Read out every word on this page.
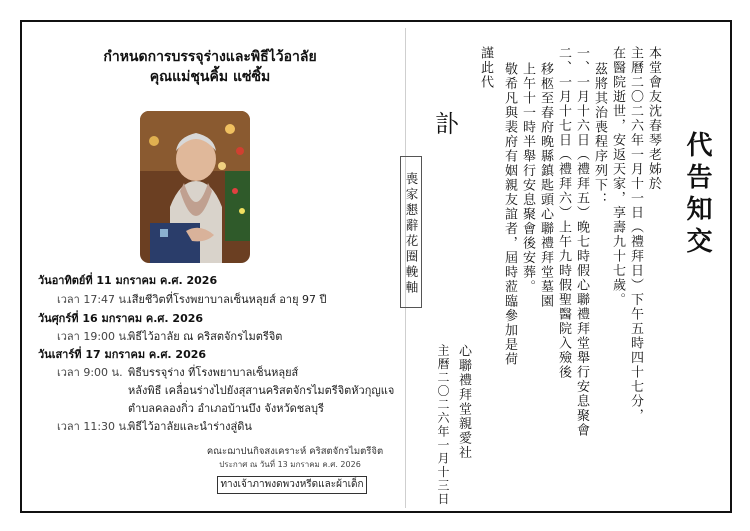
กำหนดการบรรจุร่างและพิธีไว้อาลัย
คุณแม่ชุนคิ้ม แซ่ซิ้ม
วันอาทิตย์ที่ 11 มกราคม ค.ศ. 2026
เวลา 17:47 น.
เสียชีวิตที่โรงพยาบาลเซ็นหลุยส์ อายุ 97 ปี
วันศุกร์ที่ 16 มกราคม ค.ศ. 2026
เวลา 19:00 น.
พิธีไว้อาลัย ณ คริสตจักรไมตรีจิต
วันเสาร์ที่ 17 มกราคม ค.ศ. 2026
เวลา 9:00 น. พิธีบรรจุร่าง ที่โรงพยาบาลเซ็นหลุยส์
หลังพิธี เคลื่อนร่างไปยังสุสานคริสตจักรไมตรีจิตหัวกุญแจ
ตำบลคลองกิ่ว อำเภอบ้านบึง จังหวัดชลบุรี
เวลา 11:30 น.
พิธีไว้อาลัยและนำร่างสู่ดิน
คณะฌาปนกิจสงเคราะห์ คริสตจักรไมตรีจิต
ประกาศ ณ วันที่ 13 มกราคม ค.ศ. 2026
ทางเจ้าภาพงดพวงหรีดและผ้าเด็ก
代告知交
本堂會友沈春琴老姊於
主曆二〇二六年一月十一日（禮拜日）下午五時四十七分，
在醫院逝世，安返天家，享壽九十七歲。
茲將其治喪程序列下：
一、一月十六日（禮拜五）晚七時假心聯禮拜堂舉行安息聚會
二、一月十七日（禮拜六）上午九時假聖醫院入殮後
移柩至春府晚縣鎮匙頭心聯禮拜堂墓園
上午十一時半舉行安息聚會後安葬。
敬希凡與裴府有姻親友誼者，屆時蒞臨參加是荷
謹此代
訃
喪家懇辭花圈輓軸
心聯禮拜堂親愛社
主曆二〇二六年一月十三日
